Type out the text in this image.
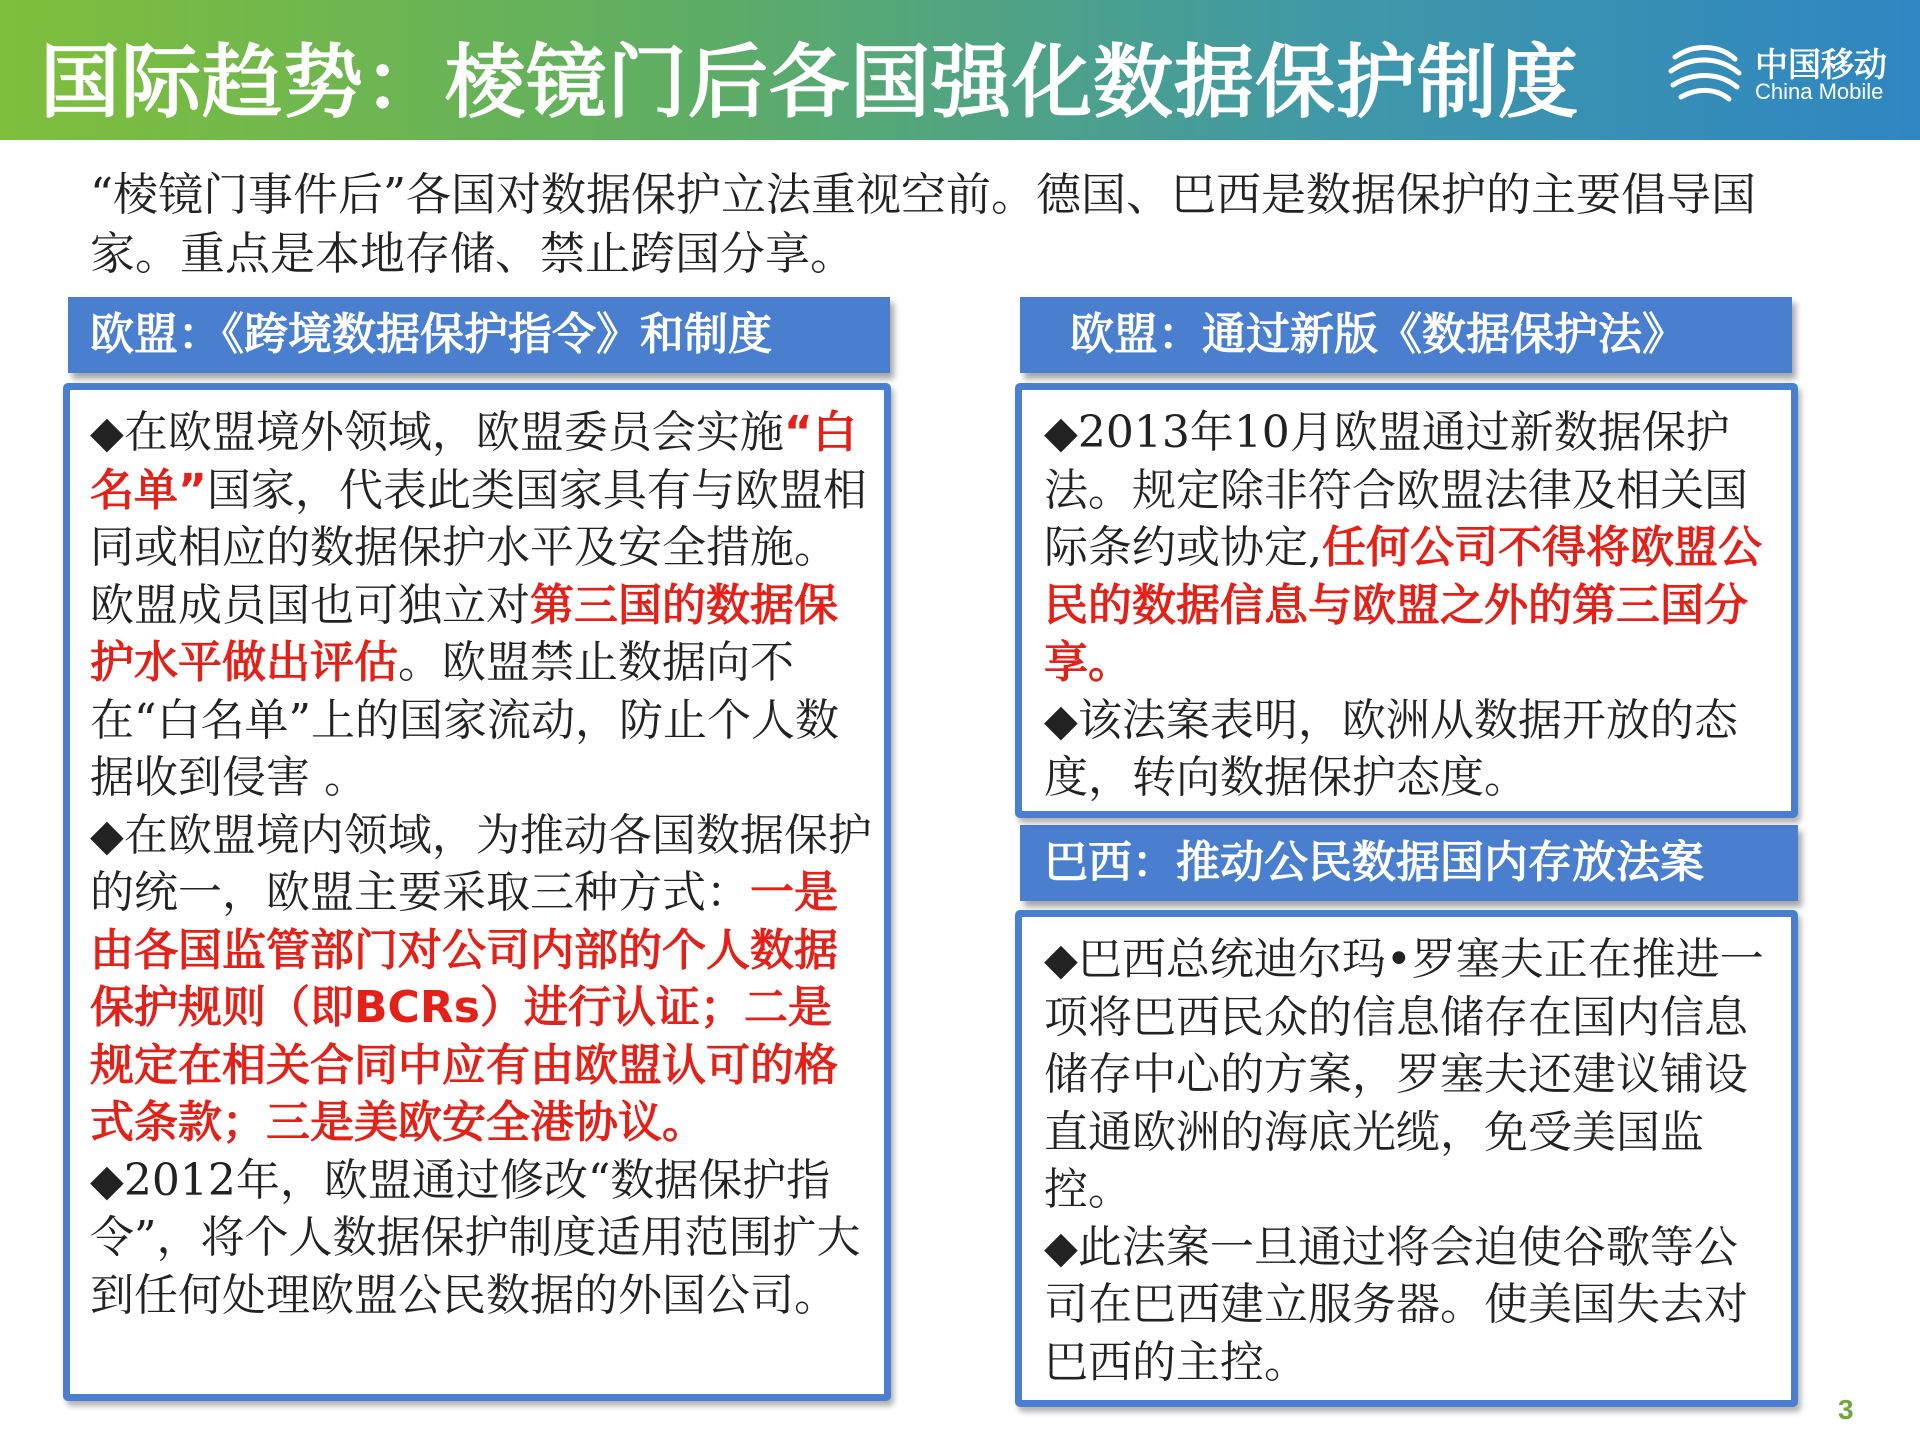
国际趋势：棱镜门后各国强化数据保护制度	中国移动
China Mobile
“棱镜门事件后”各国对数据保护立法重视空前。德国、巴西是数据保护的主要倡导国家。重点是本地存储、禁止跨国分享。
欧盟：《跨境数据保护指令》和制度	欧盟：通过新版《数据保护法》
巴西：推动公民数据国内存放法案

◆在欧盟境外领域，欧盟委员会实施“白名单”国家，代表此类国家具有与欧盟相同或相应的数据保护水平及安全措施。欧盟成员国也可独立对第三国的数据保护水平做出评估。欧盟禁止数据向不在“白名单”上的国家流动，防止个人数据收到侵害 。

◆在欧盟境内领域，为推动各国数据保护的统一，欧盟主要采取三种方式：一是由各国监管部门对公司内部的个人数据保护规则（即BCRs）进行认证；二是规定在相关合同中应有由欧盟认可的格式条款；三是美欧安全港协议。

◆2012年，欧盟通过修改“数据保护指令”，将个人数据保护制度适用范围扩大到任何处理欧盟公民数据的外国公司。

◆2013年10月欧盟通过新数据保护法。规定除非符合欧盟法律及相关国际条约或协定,任何公司不得将欧盟公民的数据信息与欧盟之外的第三国分享。

◆该法案表明，欧洲从数据开放的态度，转向数据保护态度。

◆巴西总统迪尔玛•罗塞夫正在推进一项将巴西民众的信息储存在国内信息储存中心的方案，罗塞夫还建议铺设直通欧洲的海底光缆，免受美国监控。

◆此法案一旦通过将会迫使谷歌等公司在巴西建立服务器。使美国失去对巴西的主控。

3
